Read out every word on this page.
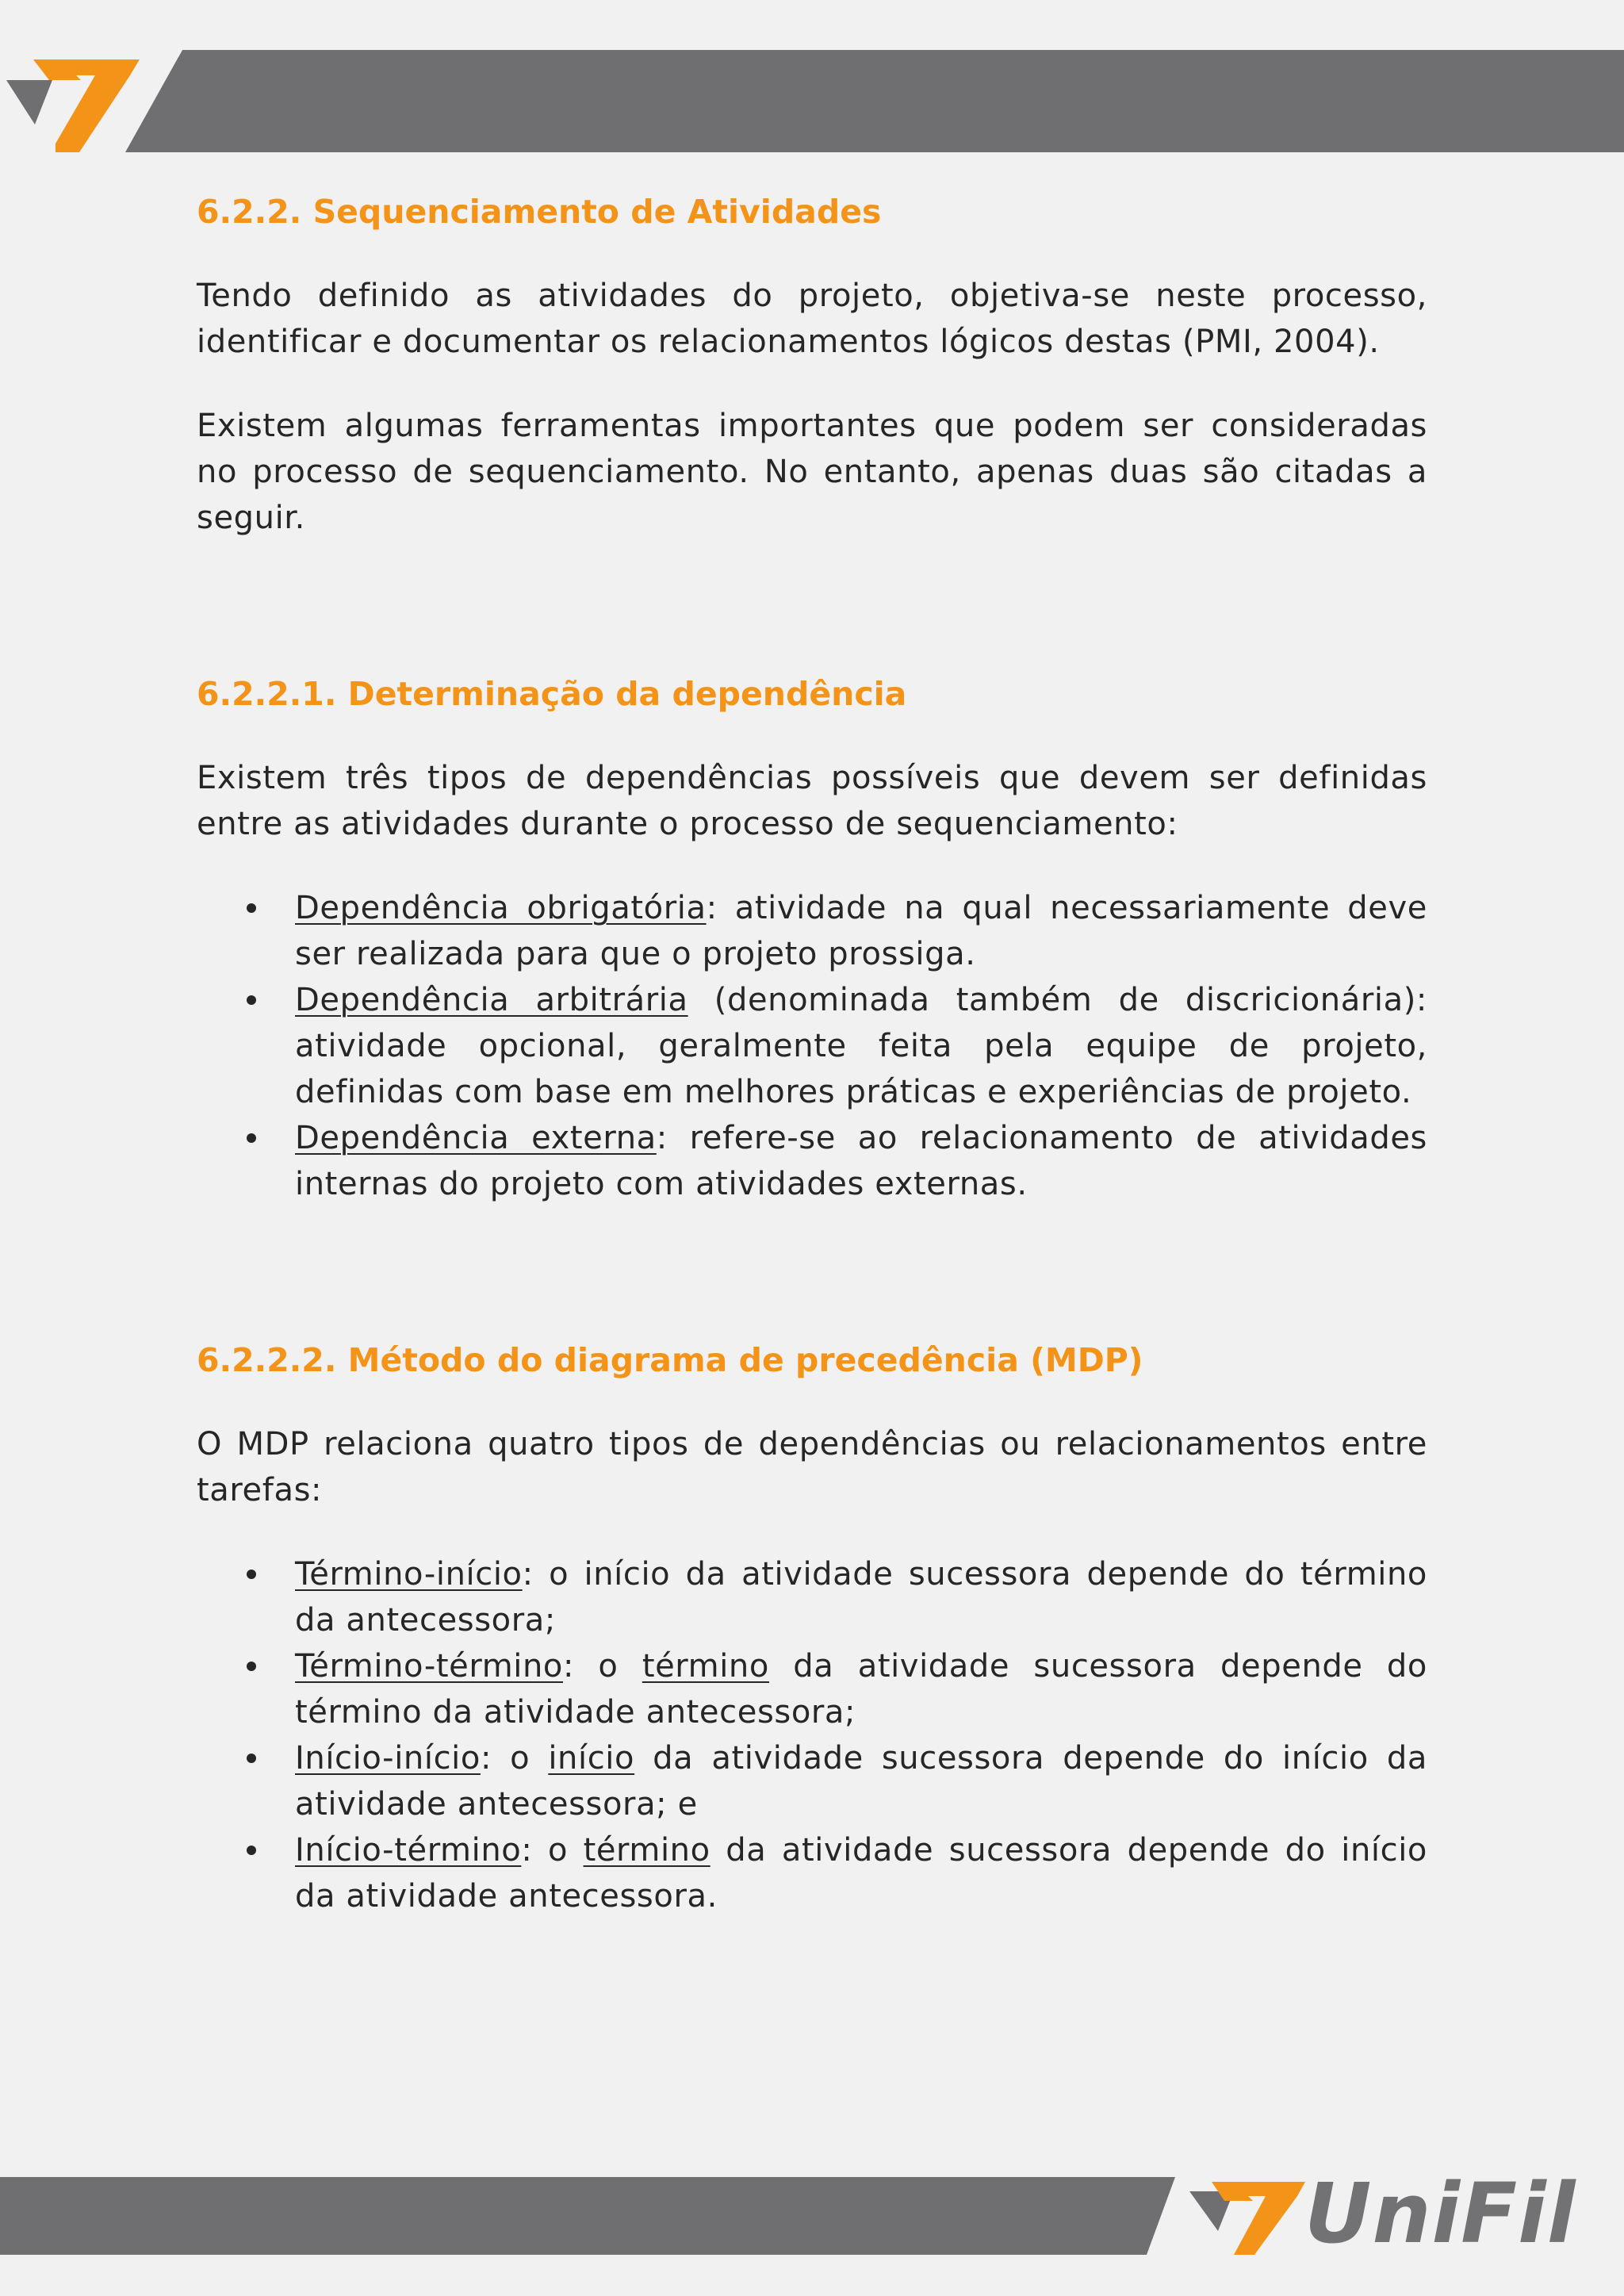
6.2.2. Sequenciamento de Atividades

Tendo definido as atividades do projeto, objetiva-se neste processo, identificar e documentar os relacionamentos lógicos destas (PMI, 2004).

Existem algumas ferramentas importantes que podem ser consideradas no processo de sequenciamento. No entanto, apenas duas são citadas a seguir.

6.2.2.1. Determinação da dependência

Existem três tipos de dependências possíveis que devem ser definidas entre as atividades durante o processo de sequenciamento:

Dependência obrigatória: atividade na qual necessariamente deve ser realizada para que o projeto prossiga.
Dependência arbitrária (denominada também de discricionária): atividade opcional, geralmente feita pela equipe de projeto, definidas com base em melhores práticas e experiências de projeto.
Dependência externa: refere-se ao relacionamento de atividades internas do projeto com atividades externas.
6.2.2.2. Método do diagrama de precedência (MDP)

O MDP relaciona quatro tipos de dependências ou relacionamentos entre tarefas:

Término-início: o início da atividade sucessora depende do término da antecessora;
Término-término: o término da atividade sucessora depende do término da atividade antecessora;
Início-início: o início da atividade sucessora depende do início da atividade antecessora; e
Início-término: o término da atividade sucessora depende do início da atividade antecessora.
UniFil
